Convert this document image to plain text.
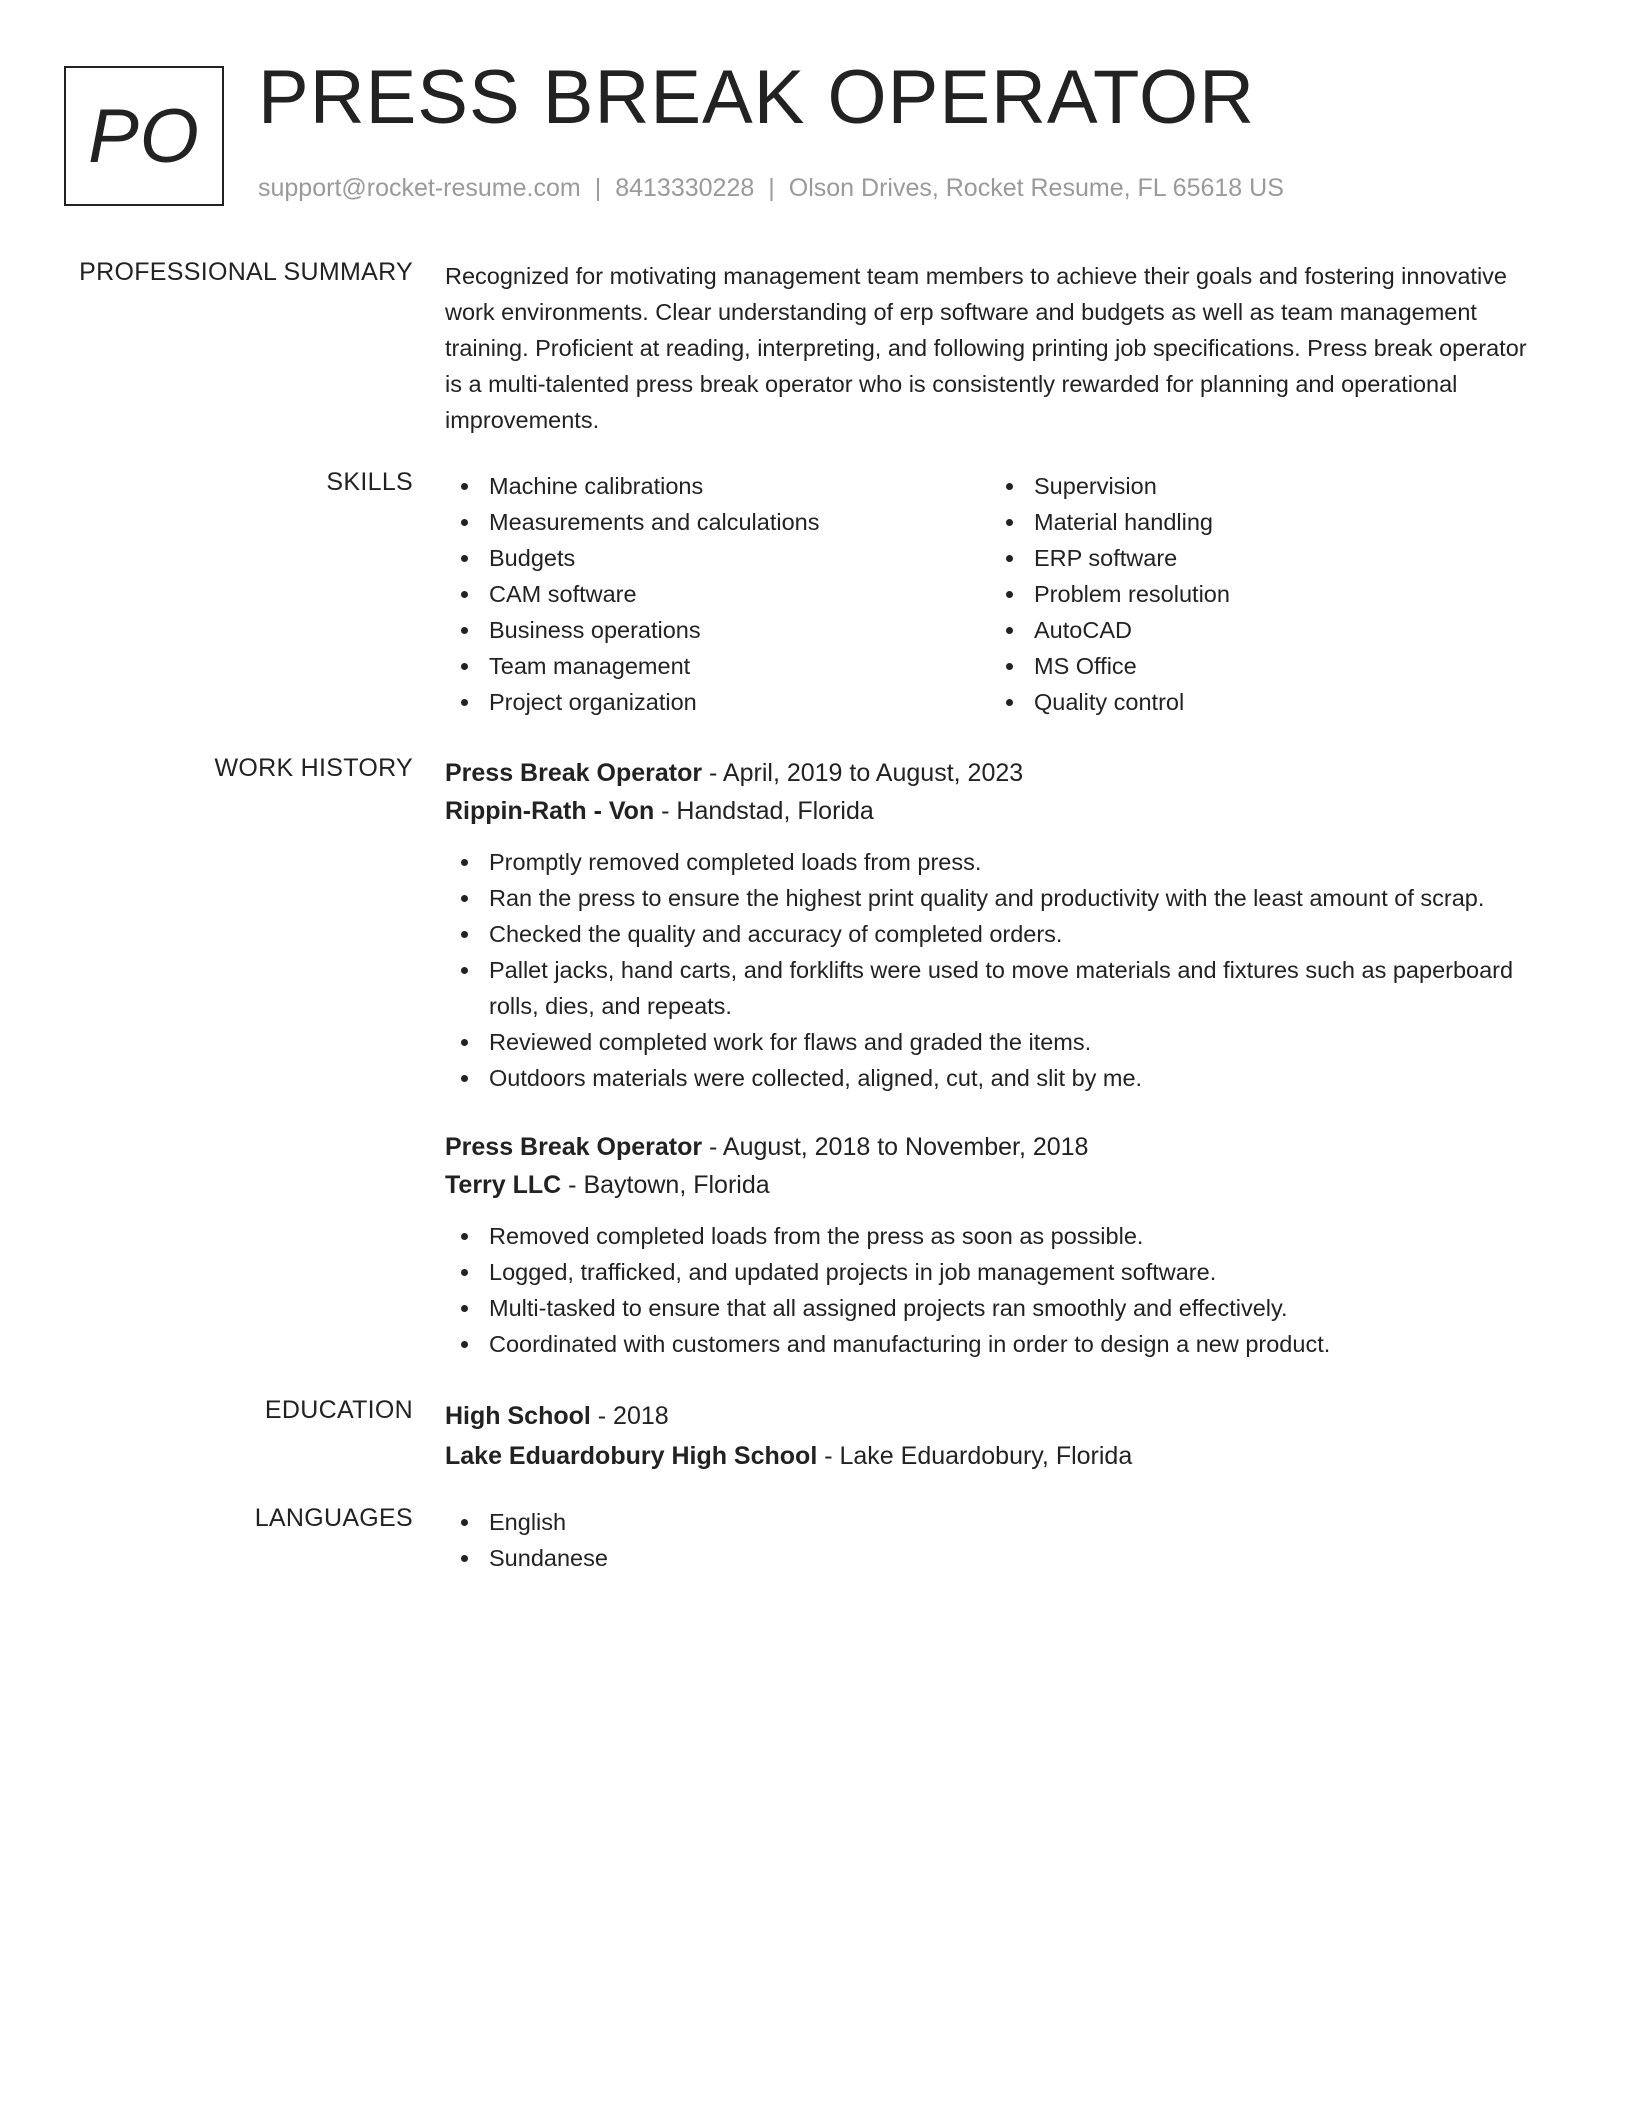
PO PRESS BREAK OPERATOR
support@rocket-resume.com | 8413330228 | Olson Drives, Rocket Resume, FL 65618 US
PROFESSIONAL SUMMARY Recognized for motivating management team members to achieve their goals and fostering innovative work environments. Clear understanding of erp software and budgets as well as team management training. Proficient at reading, interpreting, and following printing job specifications. Press break operator is a multi-talented press break operator who is consistently rewarded for planning and operational improvements.

SKILLS	Machine calibrations
Measurements and calculations
Budgets
CAM software
Business operations
Team management
Project organization
Supervision
Material handling
ERP software
Problem resolution
AutoCAD
MS Office
Quality control
WORK HISTORY Press Break Operator - April, 2019 to August, 2023
Rippin-Rath - Von - Handstad, Florida
Promptly removed completed loads from press.
Ran the press to ensure the highest print quality and productivity with the least amount of scrap.
Checked the quality and accuracy of completed orders.
Pallet jacks, hand carts, and forklifts were used to move materials and fixtures such as paperboard rolls, dies, and repeats.
Reviewed completed work for flaws and graded the items.
Outdoors materials were collected, aligned, cut, and slit by me.
Press Break Operator - August, 2018 to November, 2018
Terry LLC - Baytown, Florida
Removed completed loads from the press as soon as possible.
Logged, trafficked, and updated projects in job management software.
Multi-tasked to ensure that all assigned projects ran smoothly and effectively.
Coordinated with customers and manufacturing in order to design a new product.
EDUCATION High School - 2018
Lake Eduardobury High School - Lake Eduardobury, Florida
LANGUAGES	English
Sundanese
